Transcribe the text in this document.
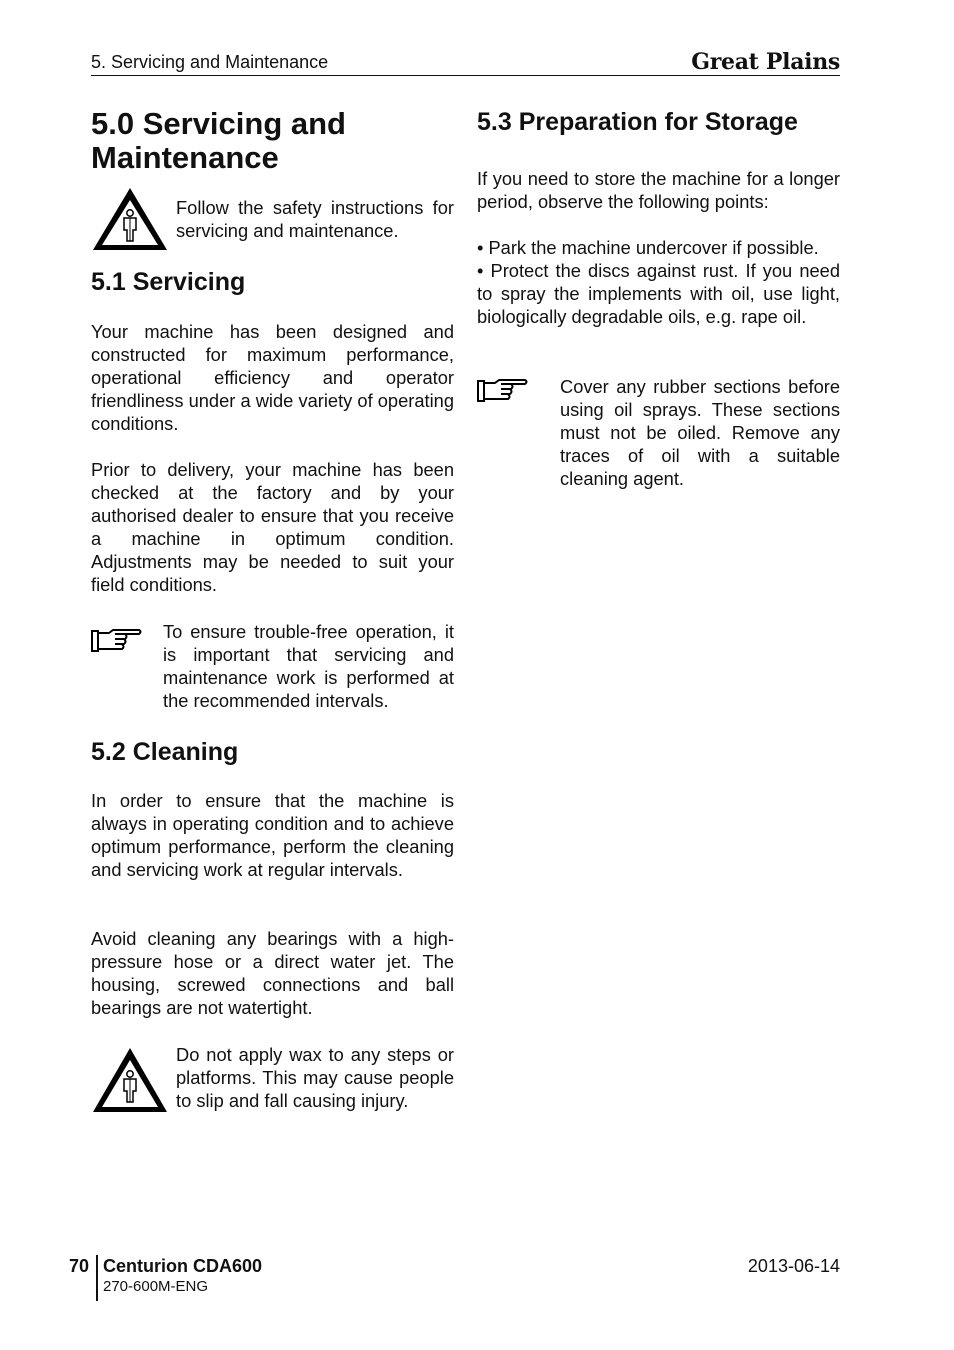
5. Servicing and Maintenance	Great Plains
5.0 Servicing and Maintenance

Follow the safety instructions for servicing and maintenance.

5.1 Servicing

Your machine has been designed and constructed for maximum performance, operational efficiency and operator friendliness under a wide variety of operating conditions.

Prior to delivery, your machine has been checked at the factory and by your authorised dealer to ensure that you receive a machine in optimum condition. Adjustments may be needed to suit your field conditions.

To ensure trouble-free operation, it is important that servicing and maintenance work is performed at the recommended intervals.

5.2 Cleaning

In order to ensure that the machine is always in operating condition and to achieve optimum performance, perform the cleaning and servicing work at regular intervals.

Avoid cleaning any bearings with a high-pressure hose or a direct water jet. The housing, screwed connections and ball bearings are not watertight.

Do not apply wax to any steps or platforms. This may cause people to slip and fall causing injury.

5.3 Preparation for Storage

If you need to store the machine for a longer period, observe the following points:

• Park the machine undercover if possible.

• Protect the discs against rust. If you need to spray the implements with oil, use light, biologically degradable oils, e.g. rape oil.

Cover any rubber sections before using oil sprays. These sections must not be oiled. Remove any traces of oil with a suitable cleaning agent.

70 Centurion CDA600
270-600M-ENG
2013-06-14
